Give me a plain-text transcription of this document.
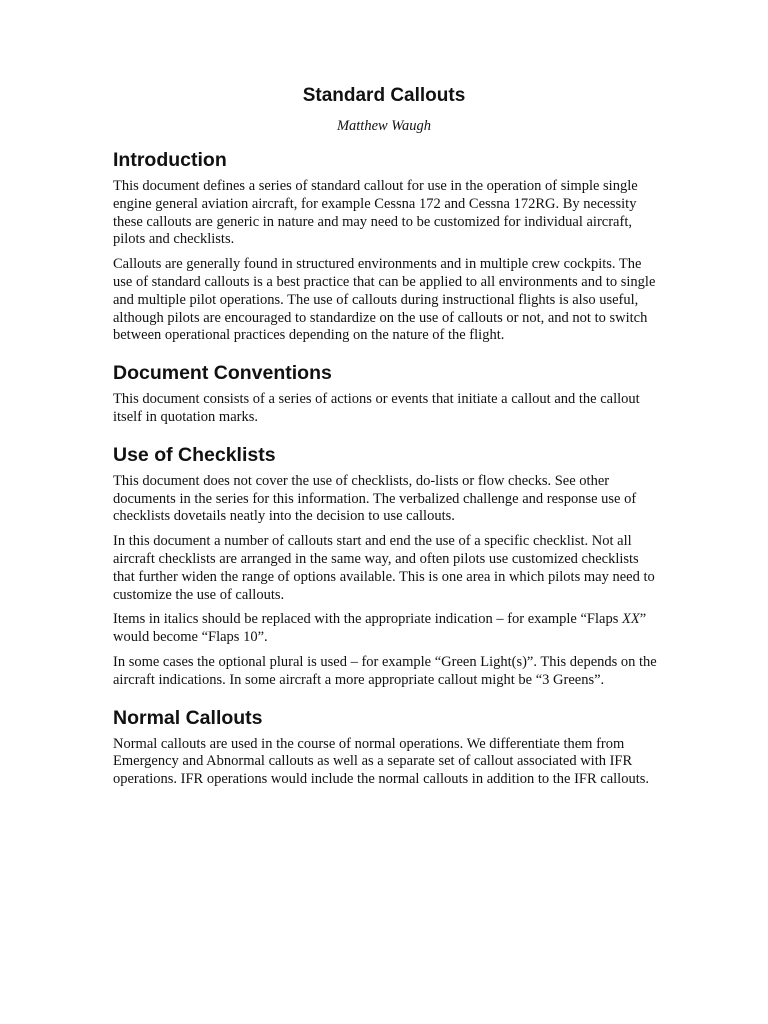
Standard Callouts
Matthew Waugh
Introduction

This document defines a series of standard callout for use in the operation of simple single engine general aviation aircraft, for example Cessna 172 and Cessna 172RG. By necessity these callouts are generic in nature and may need to be customized for individual aircraft, pilots and checklists.

Callouts are generally found in structured environments and in multiple crew cockpits. The use of standard callouts is a best practice that can be applied to all environments and to single and multiple pilot operations. The use of callouts during instructional flights is also useful, although pilots are encouraged to standardize on the use of callouts or not, and not to switch between operational practices depending on the nature of the flight.

Document Conventions

This document consists of a series of actions or events that initiate a callout and the callout itself in quotation marks.

Use of Checklists

This document does not cover the use of checklists, do-lists or flow checks. See other documents in the series for this information. The verbalized challenge and response use of checklists dovetails neatly into the decision to use callouts.

In this document a number of callouts start and end the use of a specific checklist. Not all aircraft checklists are arranged in the same way, and often pilots use customized checklists that further widen the range of options available. This is one area in which pilots may need to customize the use of callouts.

Items in italics should be replaced with the appropriate indication – for example “Flaps XX” would become “Flaps 10”.

In some cases the optional plural is used – for example “Green Light(s)”. This depends on the aircraft indications. In some aircraft a more appropriate callout might be “3 Greens”.

Normal Callouts

Normal callouts are used in the course of normal operations. We differentiate them from Emergency and Abnormal callouts as well as a separate set of callout associated with IFR operations. IFR operations would include the normal callouts in addition to the IFR callouts.
